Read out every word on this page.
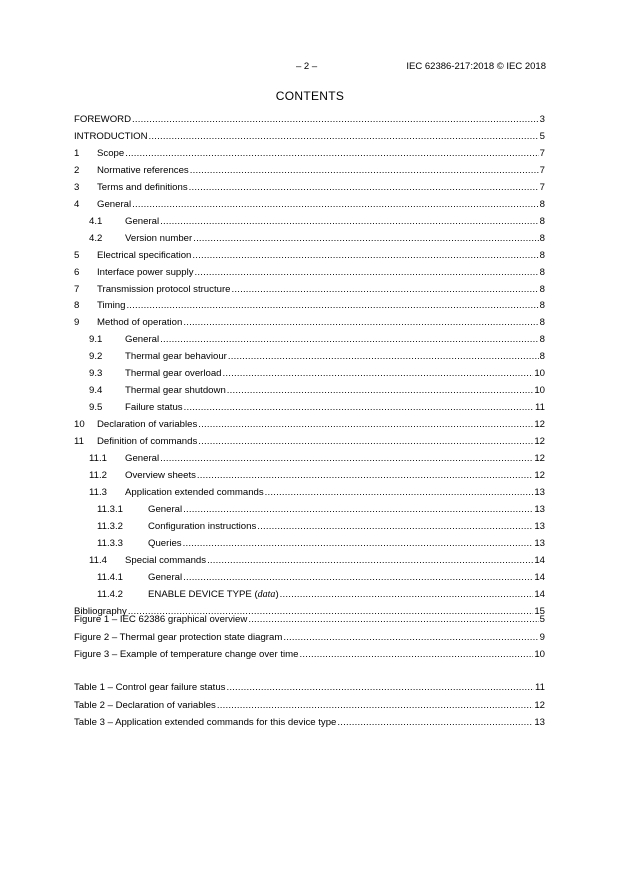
– 2 –	IEC 62386-217:2018 © IEC 2018
CONTENTS
FOREWORD .....	3
INTRODUCTION .....	5
1	Scope .....	7
2	Normative references .....	7
3	Terms and definitions .....	7
4	General .....	8
4.1	General .....	8
4.2	Version number .....	8
5	Electrical specification .....	8
6	Interface power supply .....	8
7	Transmission protocol structure .....	8
8	Timing .....	8
9	Method of operation .....	8
9.1	General .....	8
9.2	Thermal gear behaviour .....	8
9.3	Thermal gear overload .....	10
9.4	Thermal gear shutdown .....	10
9.5	Failure status .....	11
10	Declaration of variables .....	12
11	Definition of commands .....	12
11.1	General .....	12
11.2	Overview sheets .....	12
11.3	Application extended commands .....	13
11.3.1	General .....	13
11.3.2	Configuration instructions .....	13
11.3.3	Queries .....	13
11.4	Special commands .....	14
11.4.1	General .....	14
11.4.2	ENABLE DEVICE TYPE ( data ) .....	14
Bibliography .....	15
Figure 1 – IEC 62386 graphical overview .....	5
Figure 2 – Thermal gear protection state diagram .....	9
Figure 3 – Example of temperature change over time .....	10
Table 1 – Control gear failure status .....	11
Table 2 – Declaration of variables .....	12
Table 3 – Application extended commands for this device type .....	13
